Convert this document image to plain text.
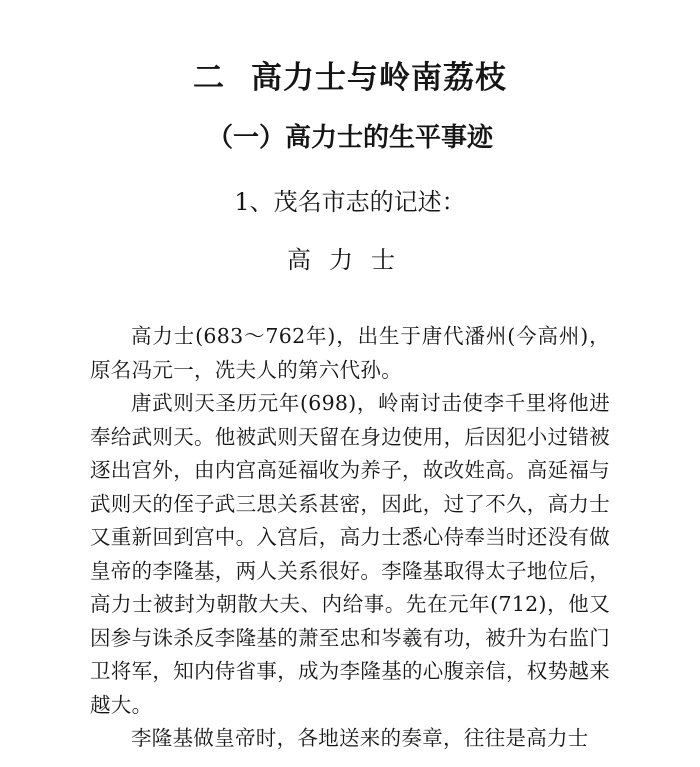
二 高力士与岭南荔枝
（一）高力士的生平事迹
1、茂名市志的记述：
高力士

高力士(683～762年)，出生于唐代潘州(今高州)，原名冯元一，冼夫人的第六代孙。

唐武则天圣历元年(698)，岭南讨击使李千里将他进奉给武则天。他被武则天留在身边使用，后因犯小过错被逐出宫外，由内宫高延福收为养子，故改姓高。高延福与武则天的侄子武三思关系甚密，因此，过了不久，高力士又重新回到宫中。入宫后，高力士悉心侍奉当时还没有做皇帝的李隆基，两人关系很好。李隆基取得太子地位后，高力士被封为朝散大夫、内给事。先在元年(712)，他又因参与诛杀反李隆基的萧至忠和岑羲有功，被升为右监门卫将军，知内侍省事，成为李隆基的心腹亲信，权势越来越大。

李隆基做皇帝时，各地送来的奏章，往往是高力士
